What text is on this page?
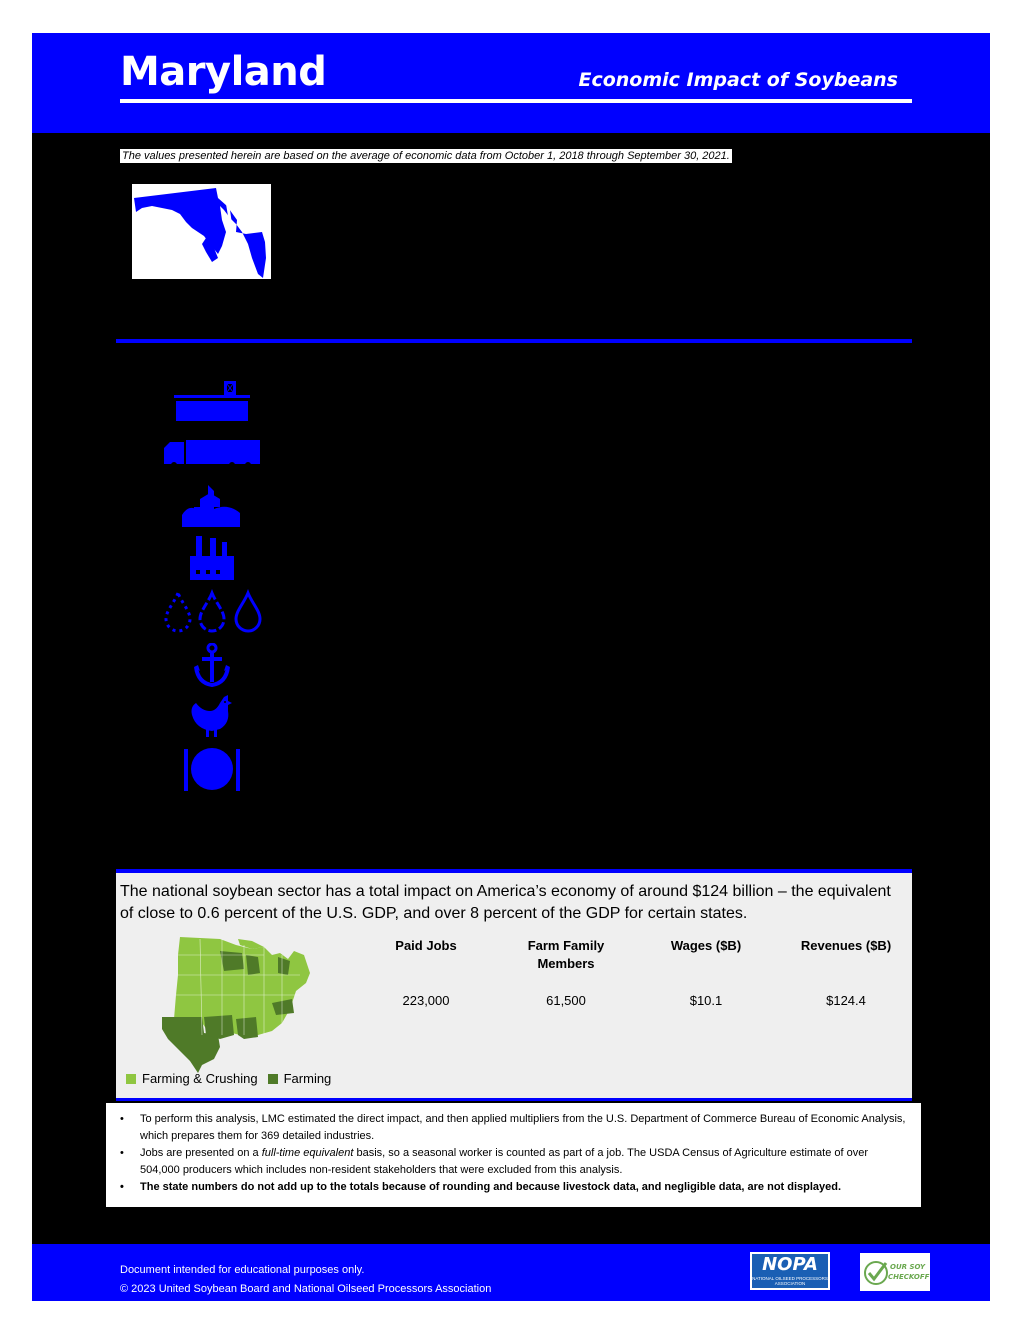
Maryland	Economic Impact of Soybeans
The values presented herein are based on the average of economic data from October 1, 2018 through September 30, 2021.
The national soybean sector has a total impact on America’s economy of around $124 billion – the equivalent of close to 0.6 percent of the U.S. GDP, and over 8 percent of the GDP for certain states.
Farming & Crushing Farming
Paid Jobs
223,000
Farm Family Members
61,500
Wages ($B)
$10.1
Revenues ($B)
$124.4
• To perform this analysis, LMC estimated the direct impact, and then applied multipliers from the U.S. Department of Commerce Bureau of Economic Analysis, which prepares them for 369 detailed industries.
• Jobs are presented on a full-time equivalent basis, so a seasonal worker is counted as part of a job. The USDA Census of Agriculture estimate of over 504,000 producers which includes non-resident stakeholders that were excluded from this analysis.
• The state numbers do not add up to the totals because of rounding and because livestock data, and negligible data, are not displayed.
Document intended for educational purposes only.
© 2023 United Soybean Board and National Oilseed Processors Association
NOPA
NATIONAL OILSEED PROCESSORS ASSOCIATION
OUR SOY
CHECKOFF
